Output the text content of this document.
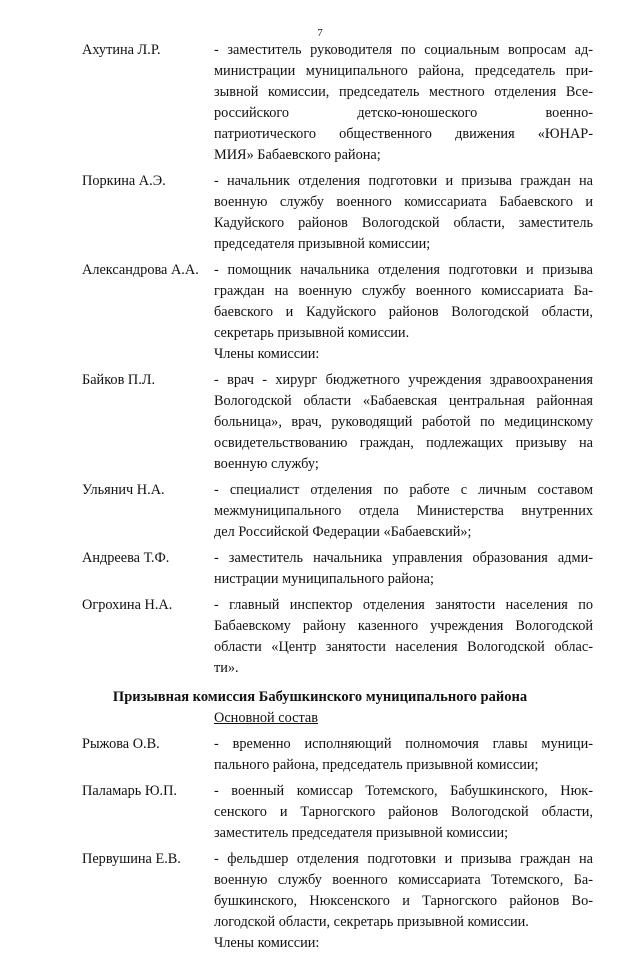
7
Ахутина Л.Р.	- заместитель руководителя по социальным вопросам ад-
министрации муниципального района, председатель при-
зывной комиссии, председатель местного отделения Все-
российского детско-юношеского военно-
патриотического общественного движения «ЮНАР-
МИЯ» Бабаевского района;
Поркина А.Э.	- начальник отделения подготовки и призыва граждан на
военную службу военного комиссариата Бабаевского и
Кадуйского районов Вологодской области, заместитель
председателя призывной комиссии;
Александрова А.А. - помощник начальника отделения подготовки и призыва
граждан на военную службу военного комиссариата Ба-
баевского и Кадуйского районов Вологодской области,
секретарь призывной комиссии.
Члены комиссии:
Байков П.Л.	- врач - хирург бюджетного учреждения здравоохранения
Вологодской области «Бабаевская центральная районная
больница», врач, руководящий работой по медицинскому
освидетельствованию граждан, подлежащих призыву на
военную службу;
Ульянич Н.А.	- специалист отделения по работе с личным составом
межмуниципального отдела Министерства внутренних
дел Российской Федерации «Бабаевский»;
Андреева Т.Ф.	- заместитель начальника управления образования адми-
нистрации муниципального района;
Огрохина Н.А.	- главный инспектор отделения занятости населения по
Бабаевскому району казенного учреждения Вологодской
области «Центр занятости населения Вологодской облас-
ти».
Призывная комиссия Бабушкинского муниципального района
Основной состав
Рыжова О.В.	- временно исполняющий полномочия главы муници-
пального района, председатель призывной комиссии;
Паламарь Ю.П.	- военный комиссар Тотемского, Бабушкинского, Нюк-
сенского и Тарногского районов Вологодской области,
заместитель председателя призывной комиссии;
Первушина Е.В. - фельдшер отделения подготовки и призыва граждан на
военную службу военного комиссариата Тотемского, Ба-
бушкинского, Нюксенского и Тарногского районов Во-
логодской области, секретарь призывной комиссии.
Члены комиссии:
